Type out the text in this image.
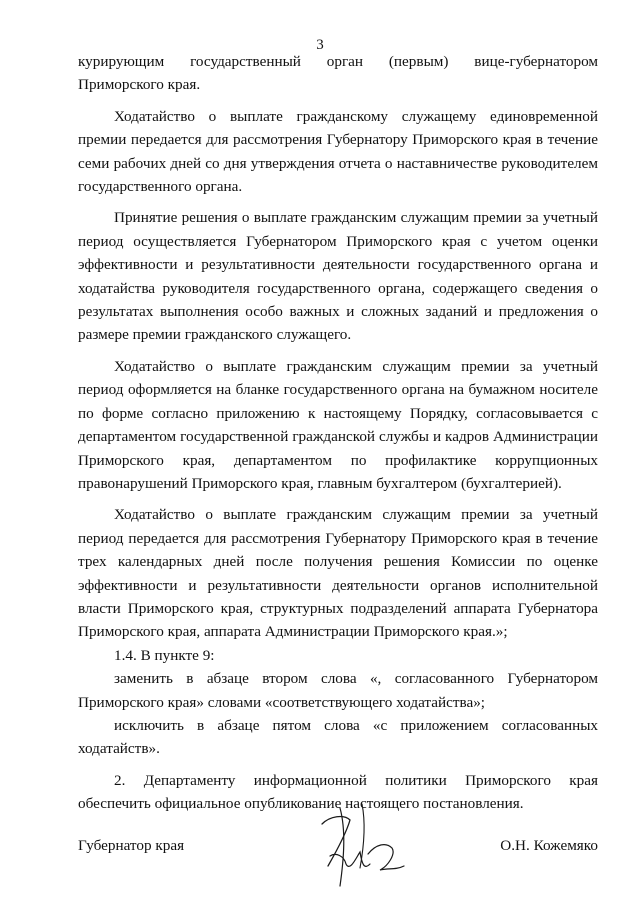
3

курирующим государственный орган (первым) вице-губернатором Приморского края.

Ходатайство о выплате гражданскому служащему единовременной премии передается для рассмотрения Губернатору Приморского края в течение семи рабочих дней со дня утверждения отчета о наставничестве руководителем государственного органа.

Принятие решения о выплате гражданским служащим премии за учетный период осуществляется Губернатором Приморского края с учетом оценки эффективности и результативности деятельности государственного органа и ходатайства руководителя государственного органа, содержащего сведения о результатах выполнения особо важных и сложных заданий и предложения о размере премии гражданского служащего.

Ходатайство о выплате гражданским служащим премии за учетный период оформляется на бланке государственного органа на бумажном носителе по форме согласно приложению к настоящему Порядку, согласовывается с департаментом государственной гражданской службы и кадров Администрации Приморского края, департаментом по профилактике коррупционных правонарушений Приморского края, главным бухгалтером (бухгалтерией).

Ходатайство о выплате гражданским служащим премии за учетный период передается для рассмотрения Губернатору Приморского края в течение трех календарных дней после получения решения Комиссии по оценке эффективности и результативности деятельности органов исполнительной власти Приморского края, структурных подразделений аппарата Губернатора Приморского края, аппарата Администрации Приморского края.»;

1.4. В пункте 9:

заменить в абзаце втором слова «, согласованного Губернатором Приморского края» словами «соответствующего ходатайства»;

исключить в абзаце пятом слова «с приложением согласованных ходатайств».

2. Департаменту информационной политики Приморского края обеспечить официальное опубликование настоящего постановления.

Губернатор края	О.Н. Кожемяко
